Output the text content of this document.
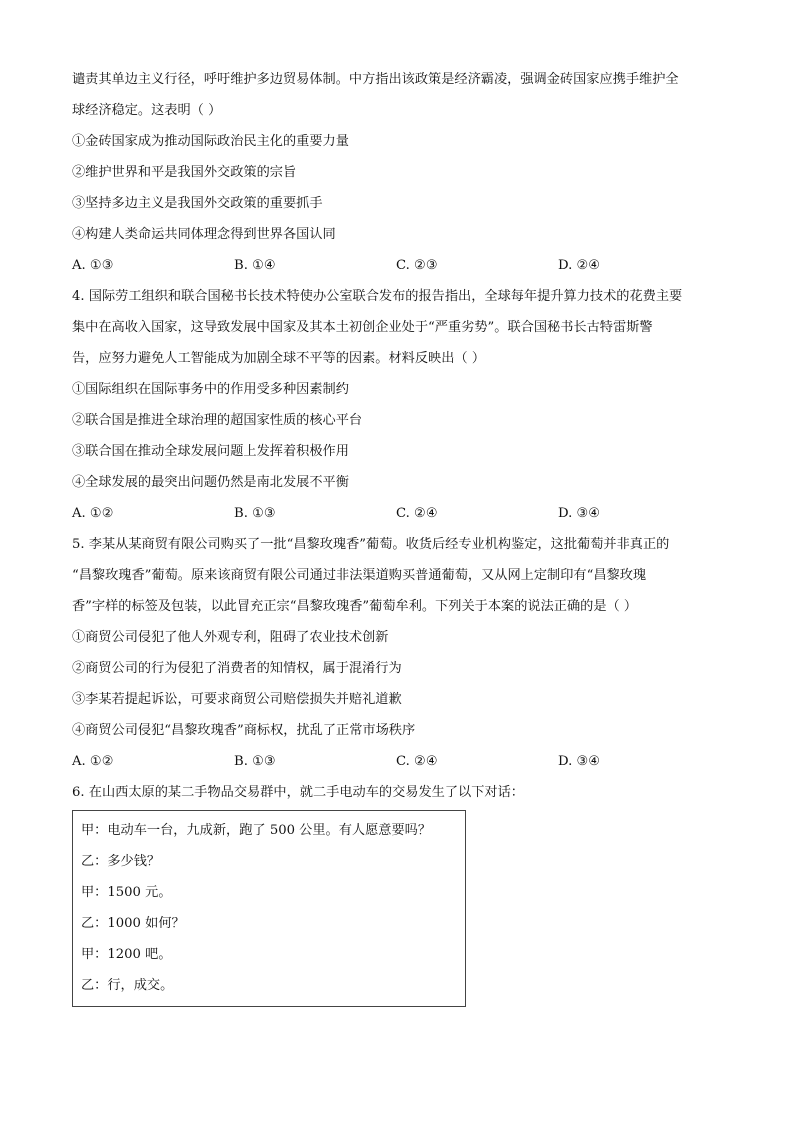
谴责其单边主义行径，呼吁维护多边贸易体制。中方指出该政策是经济霸凌，强调金砖国家应携手维护全
球经济稳定。这表明（ ）
①金砖国家成为推动国际政治民主化的重要力量
②维护世界和平是我国外交政策的宗旨
③坚持多边主义是我国外交政策的重要抓手
④构建人类命运共同体理念得到世界各国认同
A. ①③	B. ①④	C. ②③	D. ②④
4. 国际劳工组织和联合国秘书长技术特使办公室联合发布的报告指出，全球每年提升算力技术的花费主要
集中在高收入国家，这导致发展中国家及其本土初创企业处于“严重劣势”。联合国秘书长古特雷斯警
告，应努力避免人工智能成为加剧全球不平等的因素。材料反映出（ ）
①国际组织在国际事务中的作用受多种因素制约
②联合国是推进全球治理的超国家性质的核心平台
③联合国在推动全球发展问题上发挥着积极作用
④全球发展的最突出问题仍然是南北发展不平衡
A. ①②	B. ①③	C. ②④	D. ③④
5. 李某从某商贸有限公司购买了一批“昌黎玫瑰香”葡萄。收货后经专业机构鉴定，这批葡萄并非真正的
“昌黎玫瑰香”葡萄。原来该商贸有限公司通过非法渠道购买普通葡萄，又从网上定制印有“昌黎玫瑰
香”字样的标签及包装，以此冒充正宗“昌黎玫瑰香”葡萄牟利。下列关于本案的说法正确的是（ ）
①商贸公司侵犯了他人外观专利，阻碍了农业技术创新
②商贸公司的行为侵犯了消费者的知情权，属于混淆行为
③李某若提起诉讼，可要求商贸公司赔偿损失并赔礼道歉
④商贸公司侵犯“昌黎玫瑰香”商标权，扰乱了正常市场秩序
A. ①②	B. ①③	C. ②④	D. ③④
6. 在山西太原的某二手物品交易群中，就二手电动车的交易发生了以下对话：
甲：电动车一台，九成新，跑了 500 公里。有人愿意要吗？
乙：多少钱？
甲：1500 元。
乙：1000 如何？
甲：1200 吧。
乙：行，成交。
